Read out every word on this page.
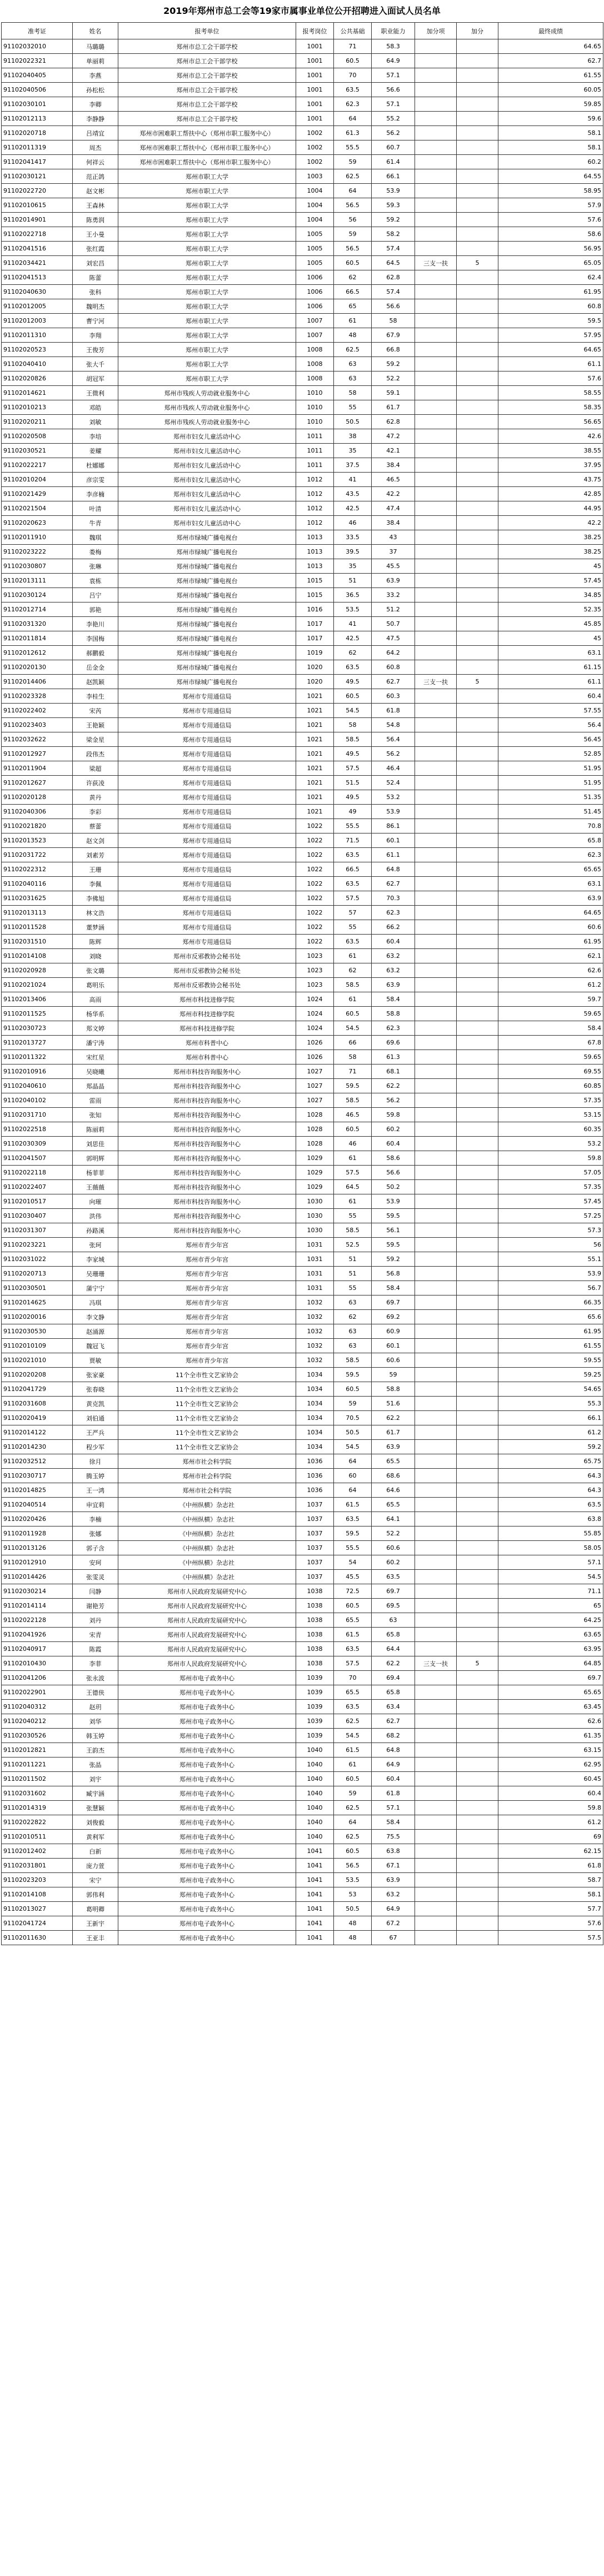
2019年郑州市总工会等19家市属事业单位公开招聘进入面试人员名单
准考证	姓名	报考单位	报考岗位	公共基础	职业能力	加分项	加分	最终成绩
91102032010	马璐璐	郑州市总工会干部学校	1001	71	58.3			64.65
91102022321	单丽莉	郑州市总工会干部学校	1001	60.5	64.9			62.7
91102040405	李燕	郑州市总工会干部学校	1001	70	57.1			61.55
91102040506	孙松松	郑州市总工会干部学校	1001	63.5	56.6			60.05
91102030101	李卿	郑州市总工会干部学校	1001	62.3	57.1			59.85
91102012113	李静静	郑州市总工会干部学校	1001	64	55.2			59.6
91102020718	吕靖宜	郑州市困难职工帮扶中心（郑州市职工服务中心）	1002	61.3	56.2			58.1
91102011319	周杰	郑州市困难职工帮扶中心（郑州市职工服务中心）	1002	55.5	60.7			58.1
91102041417	何祥云	郑州市困难职工帮扶中心（郑州市职工服务中心）	1002	59	61.4			60.2
91102030121	范正鸽	郑州市职工大学	1003	62.5	66.1			64.55
91102022720	赵文彬	郑州市职工大学	1004	64	53.9			58.95
91102010615	王森林	郑州市职工大学	1004	56.5	59.3			57.9
91102014901	陈勇润	郑州市职工大学	1004	56	59.2			57.6
91102022718	王小曼	郑州市职工大学	1005	59	58.2			58.6
91102041516	张红霞	郑州市职工大学	1005	56.5	57.4			56.95
91102034421	刘宏昌	郑州市职工大学	1005	60.5	64.5	三支一扶	5	65.05
91102041513	陈蕾	郑州市职工大学	1006	62	62.8			62.4
91102040630	张科	郑州市职工大学	1006	66.5	57.4			61.95
91102012005	魏明杰	郑州市职工大学	1006	65	56.6			60.8
91102012003	曹宁河	郑州市职工大学	1007	61	58			59.5
91102011310	李翔	郑州市职工大学	1007	48	67.9			57.95
91102020523	王俊芳	郑州市职工大学	1008	62.5	66.8			64.65
91102040410	张大千	郑州市职工大学	1008	63	59.2			61.1
91102020826	胡冠军	郑州市职工大学	1008	63	52.2			57.6
91102014621	王微利	郑州市残疾人劳动就业服务中心	1010	58	59.1			58.55
91102010213	邓皓	郑州市残疾人劳动就业服务中心	1010	55	61.7			58.35
91102020211	刘敏	郑州市残疾人劳动就业服务中心	1010	50.5	62.8			56.65
91102020508	李培	郑州市妇女儿童活动中心	1011	38	47.2			42.6
91102030521	姜耀	郑州市妇女儿童活动中心	1011	35	42.1			38.55
91102022217	杜娜娜	郑州市妇女儿童活动中心	1011	37.5	38.4			37.95
91102010204	彦宗雯	郑州市妇女儿童活动中心	1012	41	46.5			43.75
91102021429	李彦楠	郑州市妇女儿童活动中心	1012	43.5	42.2			42.85
91102021504	叶清	郑州市妇女儿童活动中心	1012	42.5	47.4			44.95
91102020623	牛青	郑州市妇女儿童活动中心	1012	46	38.4			42.2
91102011910	魏琪	郑州市绿城广播电视台	1013	33.5	43			38.25
91102023222	娄梅	郑州市绿城广播电视台	1013	39.5	37			38.25
91102030807	张琳	郑州市绿城广播电视台	1013	35	45.5			45
91102013111	袁栋	郑州市绿城广播电视台	1015	51	63.9			57.45
91102030124	吕宁	郑州市绿城广播电视台	1015	36.5	33.2			34.85
91102012714	郭艳	郑州市绿城广播电视台	1016	53.5	51.2			52.35
91102031320	李艳川	郑州市绿城广播电视台	1017	41	50.7			45.85
91102011814	李国梅	郑州市绿城广播电视台	1017	42.5	47.5			45
91102012612	郝鹏毅	郑州市绿城广播电视台	1019	62	64.2			63.1
91102020130	岳金金	郑州市绿城广播电视台	1020	63.5	60.8			61.15
91102014406	赵凯颖	郑州市绿城广播电视台	1020	49.5	62.7	三支一扶	5	61.1
91102023328	李桂生	郑州市专用通信局	1021	60.5	60.3			60.4
91102022402	宋芮	郑州市专用通信局	1021	54.5	61.8			57.55
91102023403	王艳颖	郑州市专用通信局	1021	58	54.8			56.4
91102032622	梁金星	郑州市专用通信局	1021	58.5	56.4			56.45
91102012927	段伟杰	郑州市专用通信局	1021	49.5	56.2			52.85
91102011904	梁超	郑州市专用通信局	1021	57.5	46.4			51.95
91102012627	许荻凌	郑州市专用通信局	1021	51.5	52.4			51.95
91102020128	黄丹	郑州市专用通信局	1021	49.5	53.2			51.35
91102040306	李彩	郑州市专用通信局	1021	49	53.9			51.45
91102021820	蔡蕾	郑州市专用通信局	1022	55.5	86.1			70.8
91102013523	赵文剑	郑州市专用通信局	1022	71.5	60.1			65.8
91102031722	刘素芳	郑州市专用通信局	1022	63.5	61.1			62.3
91102022312	王珊	郑州市专用通信局	1022	66.5	64.8			65.65
91102040116	李佩	郑州市专用通信局	1022	63.5	62.7			63.1
91102031625	李佛旭	郑州市专用通信局	1022	57.5	70.3			63.9
91102013113	林文浩	郑州市专用通信局	1022	57	62.3			64.65
91102011528	董梦涵	郑州市专用通信局	1022	55	66.2			60.6
91102031510	陈辉	郑州市专用通信局	1022	63.5	60.4			61.95
91102014108	刘晓	郑州市反邪教协会秘书处	1023	61	63.2			62.1
91102020928	张文璐	郑州市反邪教协会秘书处	1023	62	63.2			62.6
91102021024	葛明乐	郑州市反邪教协会秘书处	1023	58.5	63.9			61.2
91102013406	高雨	郑州市科技进修学院	1024	61	58.4			59.7
91102011525	杨华系	郑州市科技进修学院	1024	60.5	58.8			59.65
91102030723	郑文婷	郑州市科技进修学院	1024	54.5	62.3			58.4
91102013727	潘宁涛	郑州市科普中心	1026	66	69.6			67.8
91102011322	宋红星	郑州市科普中心	1026	58	61.3			59.65
91102010916	吴晓曦	郑州市科技咨询服务中心	1027	71	68.1			69.55
91102040610	郑晶晶	郑州市科技咨询服务中心	1027	59.5	62.2			60.85
91102040102	雷雨	郑州市科技咨询服务中心	1027	58.5	56.2			57.35
91102031710	张知	郑州市科技咨询服务中心	1028	46.5	59.8			53.15
91102022518	陈丽莉	郑州市科技咨询服务中心	1028	60.5	60.2			60.35
91102030309	刘思佳	郑州市科技咨询服务中心	1028	46	60.4			53.2
91102041507	郭明辉	郑州市科技咨询服务中心	1029	61	58.6			59.8
91102022118	杨菲菲	郑州市科技咨询服务中心	1029	57.5	56.6			57.05
91102022407	王薇薇	郑州市科技咨询服务中心	1029	64.5	50.2			57.35
91102010517	向璀	郑州市科技咨询服务中心	1030	61	53.9			57.45
91102030407	洪伟	郑州市科技咨询服务中心	1030	55	59.5			57.25
91102031307	孙路溪	郑州市科技咨询服务中心	1030	58.5	56.1			57.3
91102023221	张珂	郑州市青少年宫	1031	52.5	59.5			56
91102031022	李家城	郑州市青少年宫	1031	51	59.2			55.1
91102020713	吴珊珊	郑州市青少年宫	1031	51	56.8			53.9
91102030501	蒲宁宁	郑州市青少年宫	1031	55	58.4			56.7
91102014625	冯琪	郑州市青少年宫	1032	63	69.7			66.35
91102020016	李文静	郑州市青少年宫	1032	62	69.2			65.6
91102030530	赵涌源	郑州市青少年宫	1032	63	60.9			61.95
91102010109	魏冠飞	郑州市青少年宫	1032	63	60.1			61.55
91102021010	贾敏	郑州市青少年宫	1032	58.5	60.6			59.55
91102020208	张家豪	11个全市性文艺家协会	1034	59.5	59			59.25
91102041729	张春晓	11个全市性文艺家协会	1034	60.5	58.8			54.65
91102031608	黄克凯	11个全市性文艺家协会	1034	59	51.6			55.3
91102020419	刘伯通	11个全市性文艺家协会	1034	70.5	62.2			66.1
91102014122	王严兵	11个全市性文艺家协会	1034	50.5	61.7			61.2
91102014230	程少军	11个全市性文艺家协会	1034	54.5	63.9			59.2
91102032512	徐月	郑州市社会科学院	1036	64	65.5			65.75
91102030717	腾玉婷	郑州市社会科学院	1036	60	68.6			64.3
91102014825	王一鸿	郑州市社会科学院	1036	64	64.6			64.3
91102040514	申宜莉	《中州纵横》杂志社	1037	61.5	65.5			63.5
91102020426	李楠	《中州纵横》杂志社	1037	63.5	64.1			63.8
91102011928	张娜	《中州纵横》杂志社	1037	59.5	52.2			55.85
91102013126	郭子含	《中州纵横》杂志社	1037	55.5	60.6			58.05
91102012910	安珂	《中州纵横》杂志社	1037	54	60.2			57.1
91102014426	张雯灵	《中州纵横》杂志社	1037	45.5	63.5			54.5
91102030214	闫静	郑州市人民政府发展研究中心	1038	72.5	69.7			71.1
91102014114	谢艳芳	郑州市人民政府发展研究中心	1038	60.5	69.5			65
91102022128	刘丹	郑州市人民政府发展研究中心	1038	65.5	63			64.25
91102041926	宋青	郑州市人民政府发展研究中心	1038	61.5	65.8			63.65
91102040917	陈霞	郑州市人民政府发展研究中心	1038	63.5	64.4			63.95
91102010430	李菲	郑州市人民政府发展研究中心	1038	57.5	62.2	三支一扶	5	64.85
91102041206	张永波	郑州市电子政务中心	1039	70	69.4			69.7
91102022901	王德侠	郑州市电子政务中心	1039	65.5	65.8			65.65
91102040312	赵玥	郑州市电子政务中心	1039	63.5	63.4			63.45
91102040212	刘华	郑州市电子政务中心	1039	62.5	62.7			62.6
91102030526	韩玉婷	郑州市电子政务中心	1039	54.5	68.2			61.35
91102012821	王韵杰	郑州市电子政务中心	1040	61.5	64.8			63.15
91102011221	张晶	郑州市电子政务中心	1040	61	64.9			62.95
91102011502	刘宇	郑州市电子政务中心	1040	60.5	60.4			60.45
91102031602	臧宇涵	郑州市电子政务中心	1040	59	61.8			60.4
91102014319	张慧颖	郑州市电子政务中心	1040	62.5	57.1			59.8
91102022822	刘俊毅	郑州市电子政务中心	1040	64	58.4			61.2
91102010511	黄利军	郑州市电子政务中心	1040	62.5	75.5			69
91102012402	白新	郑州市电子政务中心	1041	60.5	63.8			62.15
91102031801	庞力萱	郑州市电子政务中心	1041	56.5	67.1			61.8
91102023203	宋宁	郑州市电子政务中心	1041	53.5	63.9			58.7
91102014108	郭伟利	郑州市电子政务中心	1041	53	63.2			58.1
91102013027	葛明卿	郑州市电子政务中心	1041	50.5	64.9			57.7
91102041724	王新宇	郑州市电子政务中心	1041	48	67.2			57.6
91102011630	王亚丰	郑州市电子政务中心	1041	48	67			57.5
